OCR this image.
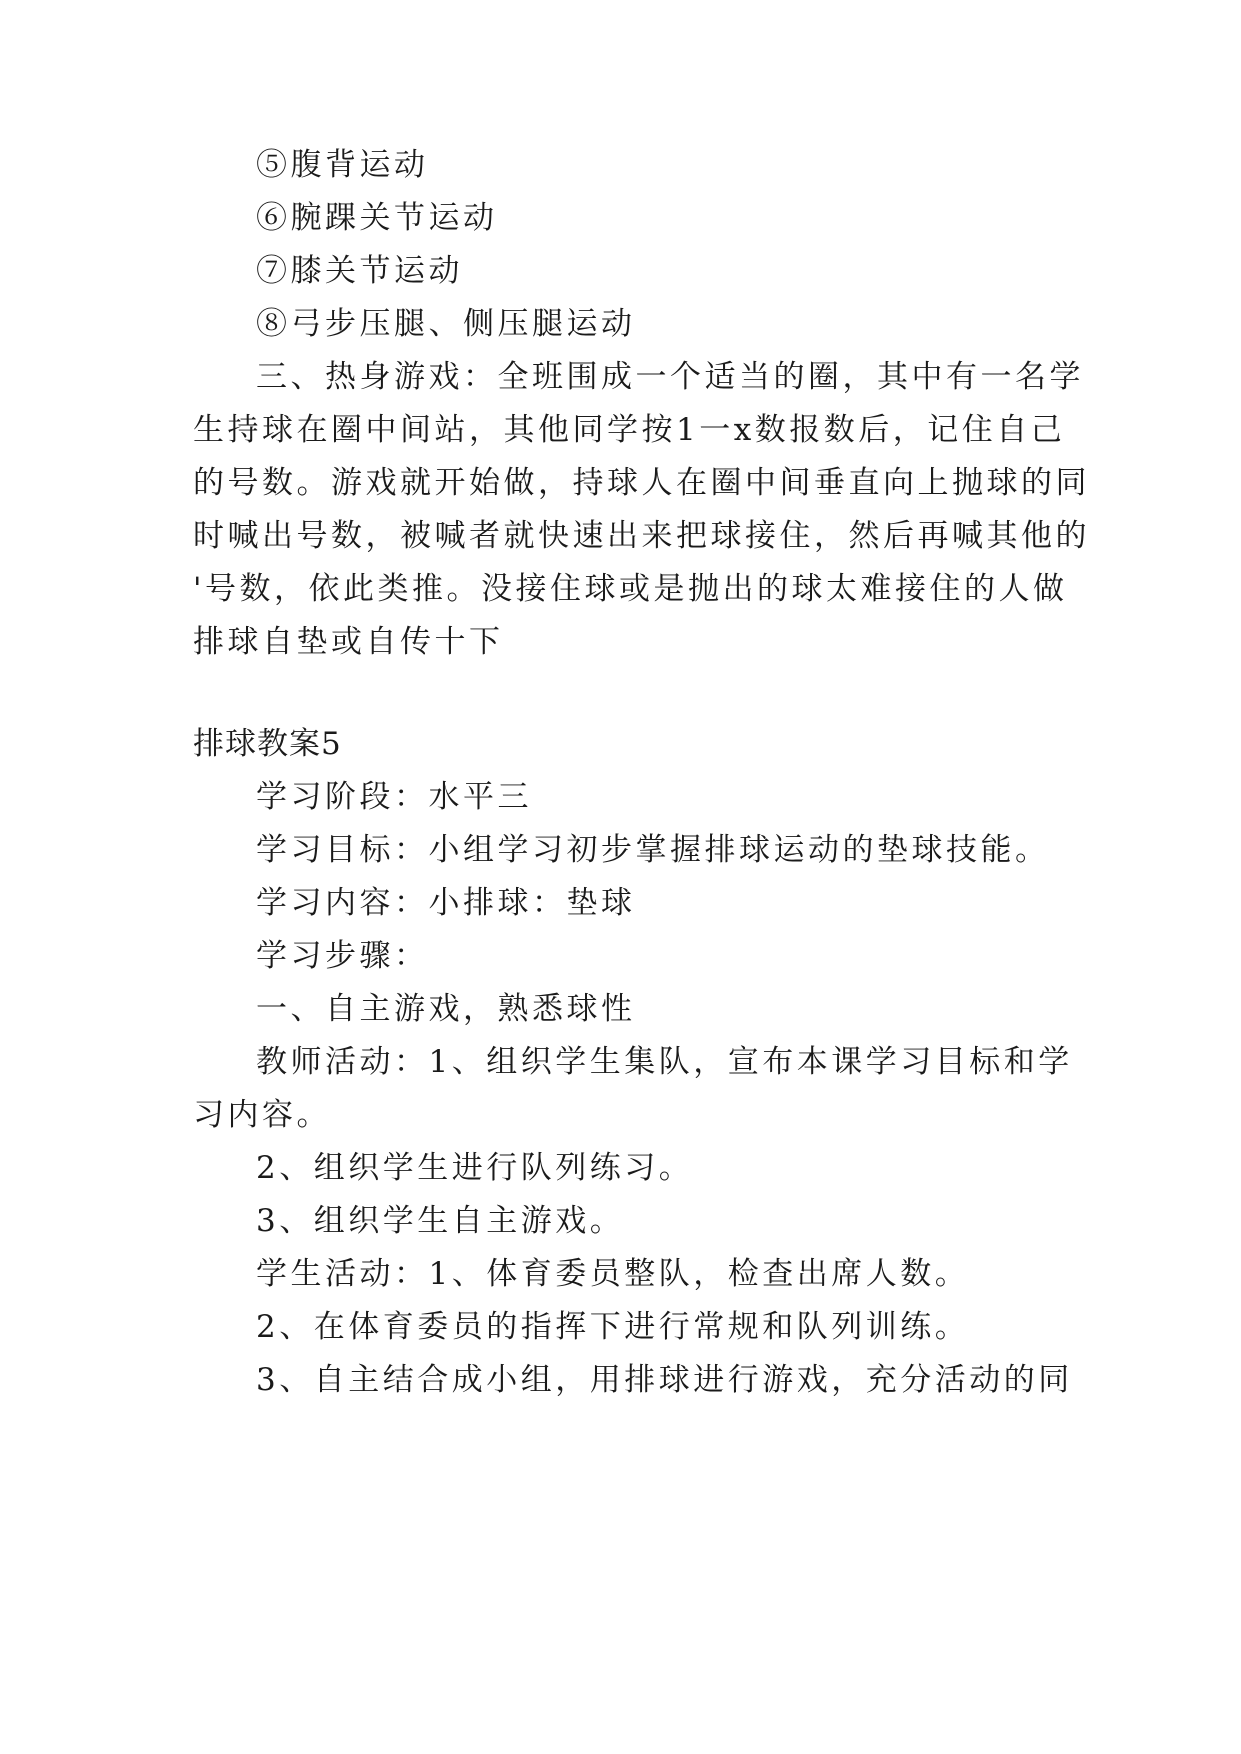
⑤腹背运动
⑥腕踝关节运动
⑦膝关节运动
⑧弓步压腿、侧压腿运动
三、热身游戏：全班围成一个适当的圈，其中有一名学
生持球在圈中间站，其他同学按1一x数报数后，记住自己
的号数。游戏就开始做，持球人在圈中间垂直向上抛球的同
时喊出号数，被喊者就快速出来把球接住，然后再喊其他的
'号数，依此类推。没接住球或是抛出的球太难接住的人做
排球自垫或自传十下
排球教案5
学习阶段：水平三
学习目标：小组学习初步掌握排球运动的垫球技能。
学习内容：小排球：垫球
学习步骤：
一、自主游戏，熟悉球性
教师活动：1、组织学生集队，宣布本课学习目标和学
习内容。
2、组织学生进行队列练习。
3、组织学生自主游戏。
学生活动：1、体育委员整队，检查出席人数。
2、在体育委员的指挥下进行常规和队列训练。
3、自主结合成小组，用排球进行游戏，充分活动的同
